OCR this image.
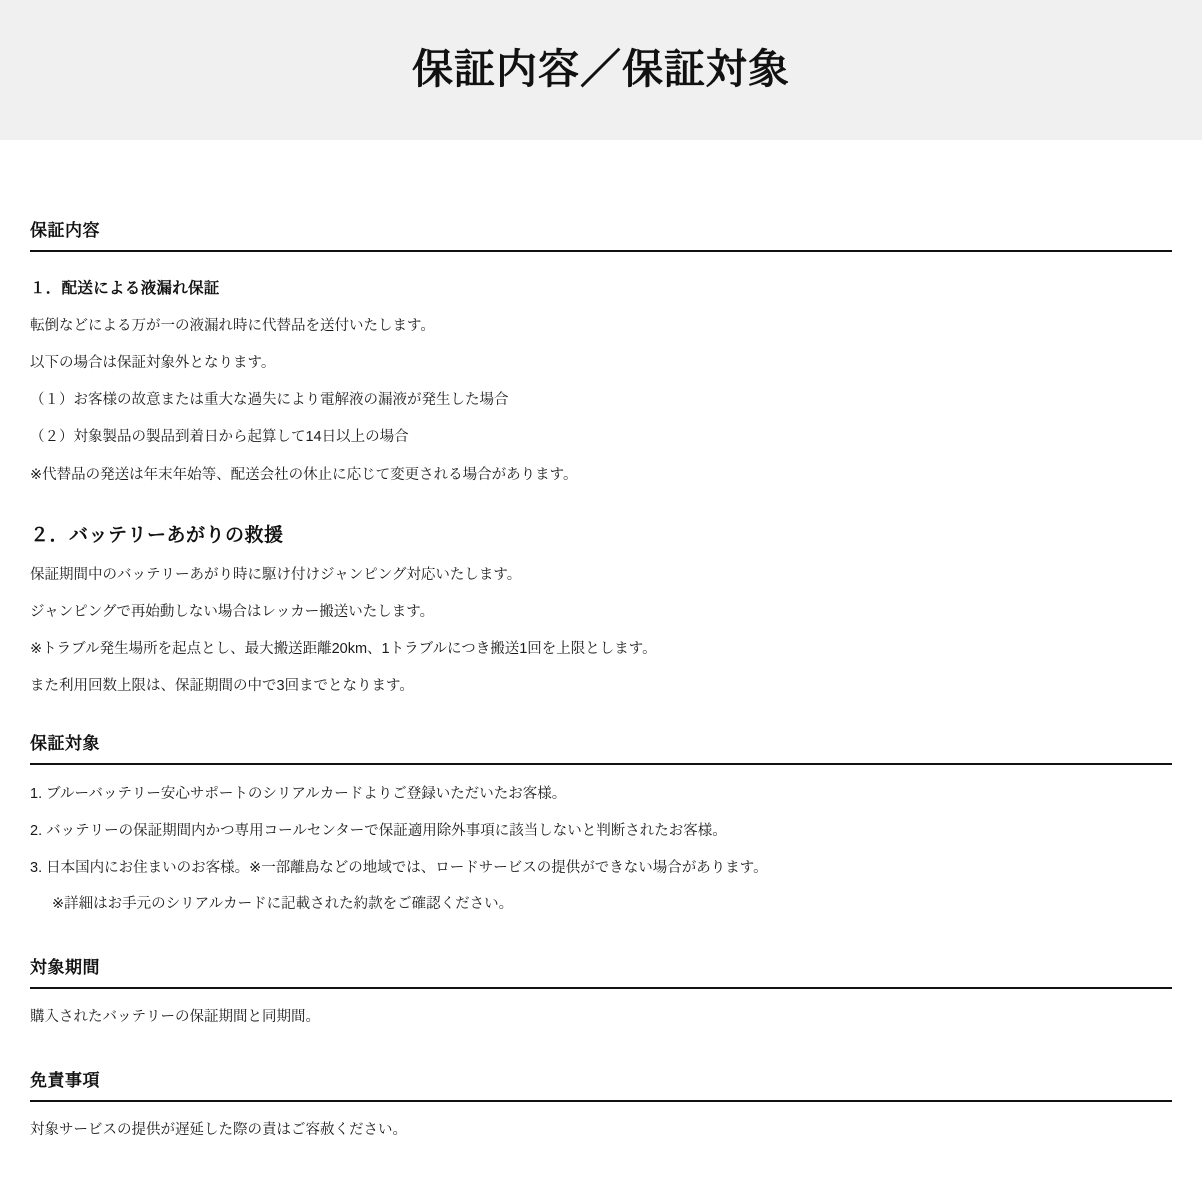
保証内容／保証対象
保証内容
１．配送による液漏れ保証

転倒などによる万が一の液漏れ時に代替品を送付いたします。

以下の場合は保証対象外となります。

（１）お客様の故意または重大な過失により電解液の漏液が発生した場合

（２）対象製品の製品到着日から起算して14日以上の場合

※代替品の発送は年末年始等、配送会社の休止に応じて変更される場合があります。

２．バッテリーあがりの救援

保証期間中のバッテリーあがり時に駆け付けジャンピング対応いたします。

ジャンピングで再始動しない場合はレッカー搬送いたします。

※トラブル発生場所を起点とし、最大搬送距離20km、1トラブルにつき搬送1回を上限とします。

また利用回数上限は、保証期間の中で3回までとなります。

保証対象
1. ブルーバッテリー安心サポートのシリアルカードよりご登録いただいたお客様。
2. バッテリーの保証期間内かつ専用コールセンターで保証適用除外事項に該当しないと判断されたお客様。
3. 日本国内にお住まいのお客様。※一部離島などの地域では、ロードサービスの提供ができない場合があります。

※詳細はお手元のシリアルカードに記載された約款をご確認ください。

対象期間

購入されたバッテリーの保証期間と同期間。

免責事項

対象サービスの提供が遅延した際の責はご容赦ください。
